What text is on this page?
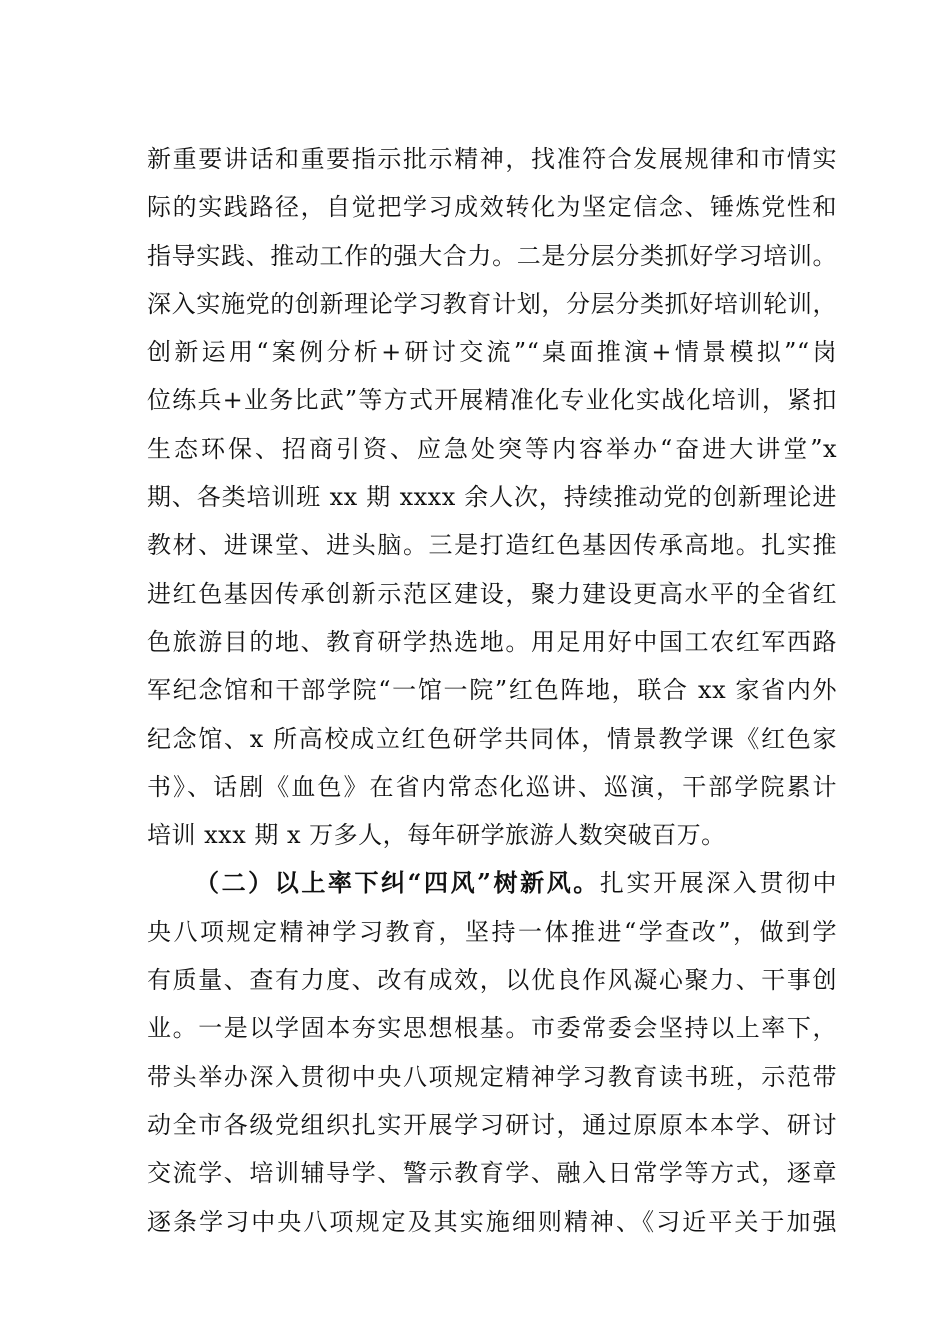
新重要讲话和重要指示批示精神，找准符合发展规律和市情实
际的实践路径，自觉把学习成效转化为坚定信念、锤炼党性和
指导实践、推动工作的强大合力。二是分层分类抓好学习培训。
深入实施党的创新理论学习教育计划，分层分类抓好培训轮训，
创新运用“案例分析+研讨交流”“桌面推演+情景模拟”“岗
位练兵+业务比武”等方式开展精准化专业化实战化培训，紧扣
生态环保、招商引资、应急处突等内容举办“奋进大讲堂”x
期、各类培训班 xx 期 xxxx 余人次，持续推动党的创新理论进
教材、进课堂、进头脑。三是打造红色基因传承高地。扎实推
进红色基因传承创新示范区建设，聚力建设更高水平的全省红
色旅游目的地、教育研学热选地。用足用好中国工农红军西路
军纪念馆和干部学院“一馆一院”红色阵地，联合 xx 家省内外
纪念馆、x 所高校成立红色研学共同体，情景教学课《红色家
书》、话剧《血色》在省内常态化巡讲、巡演，干部学院累计
培训 xxx 期 x 万多人，每年研学旅游人数突破百万。
（二）以上率下纠“四风”树新风。扎实开展深入贯彻中
央八项规定精神学习教育，坚持一体推进“学查改”，做到学
有质量、查有力度、改有成效，以优良作风凝心聚力、干事创
业。一是以学固本夯实思想根基。市委常委会坚持以上率下，
带头举办深入贯彻中央八项规定精神学习教育读书班，示范带
动全市各级党组织扎实开展学习研讨，通过原原本本学、研讨
交流学、培训辅导学、警示教育学、融入日常学等方式，逐章
逐条学习中央八项规定及其实施细则精神、《习近平关于加强
